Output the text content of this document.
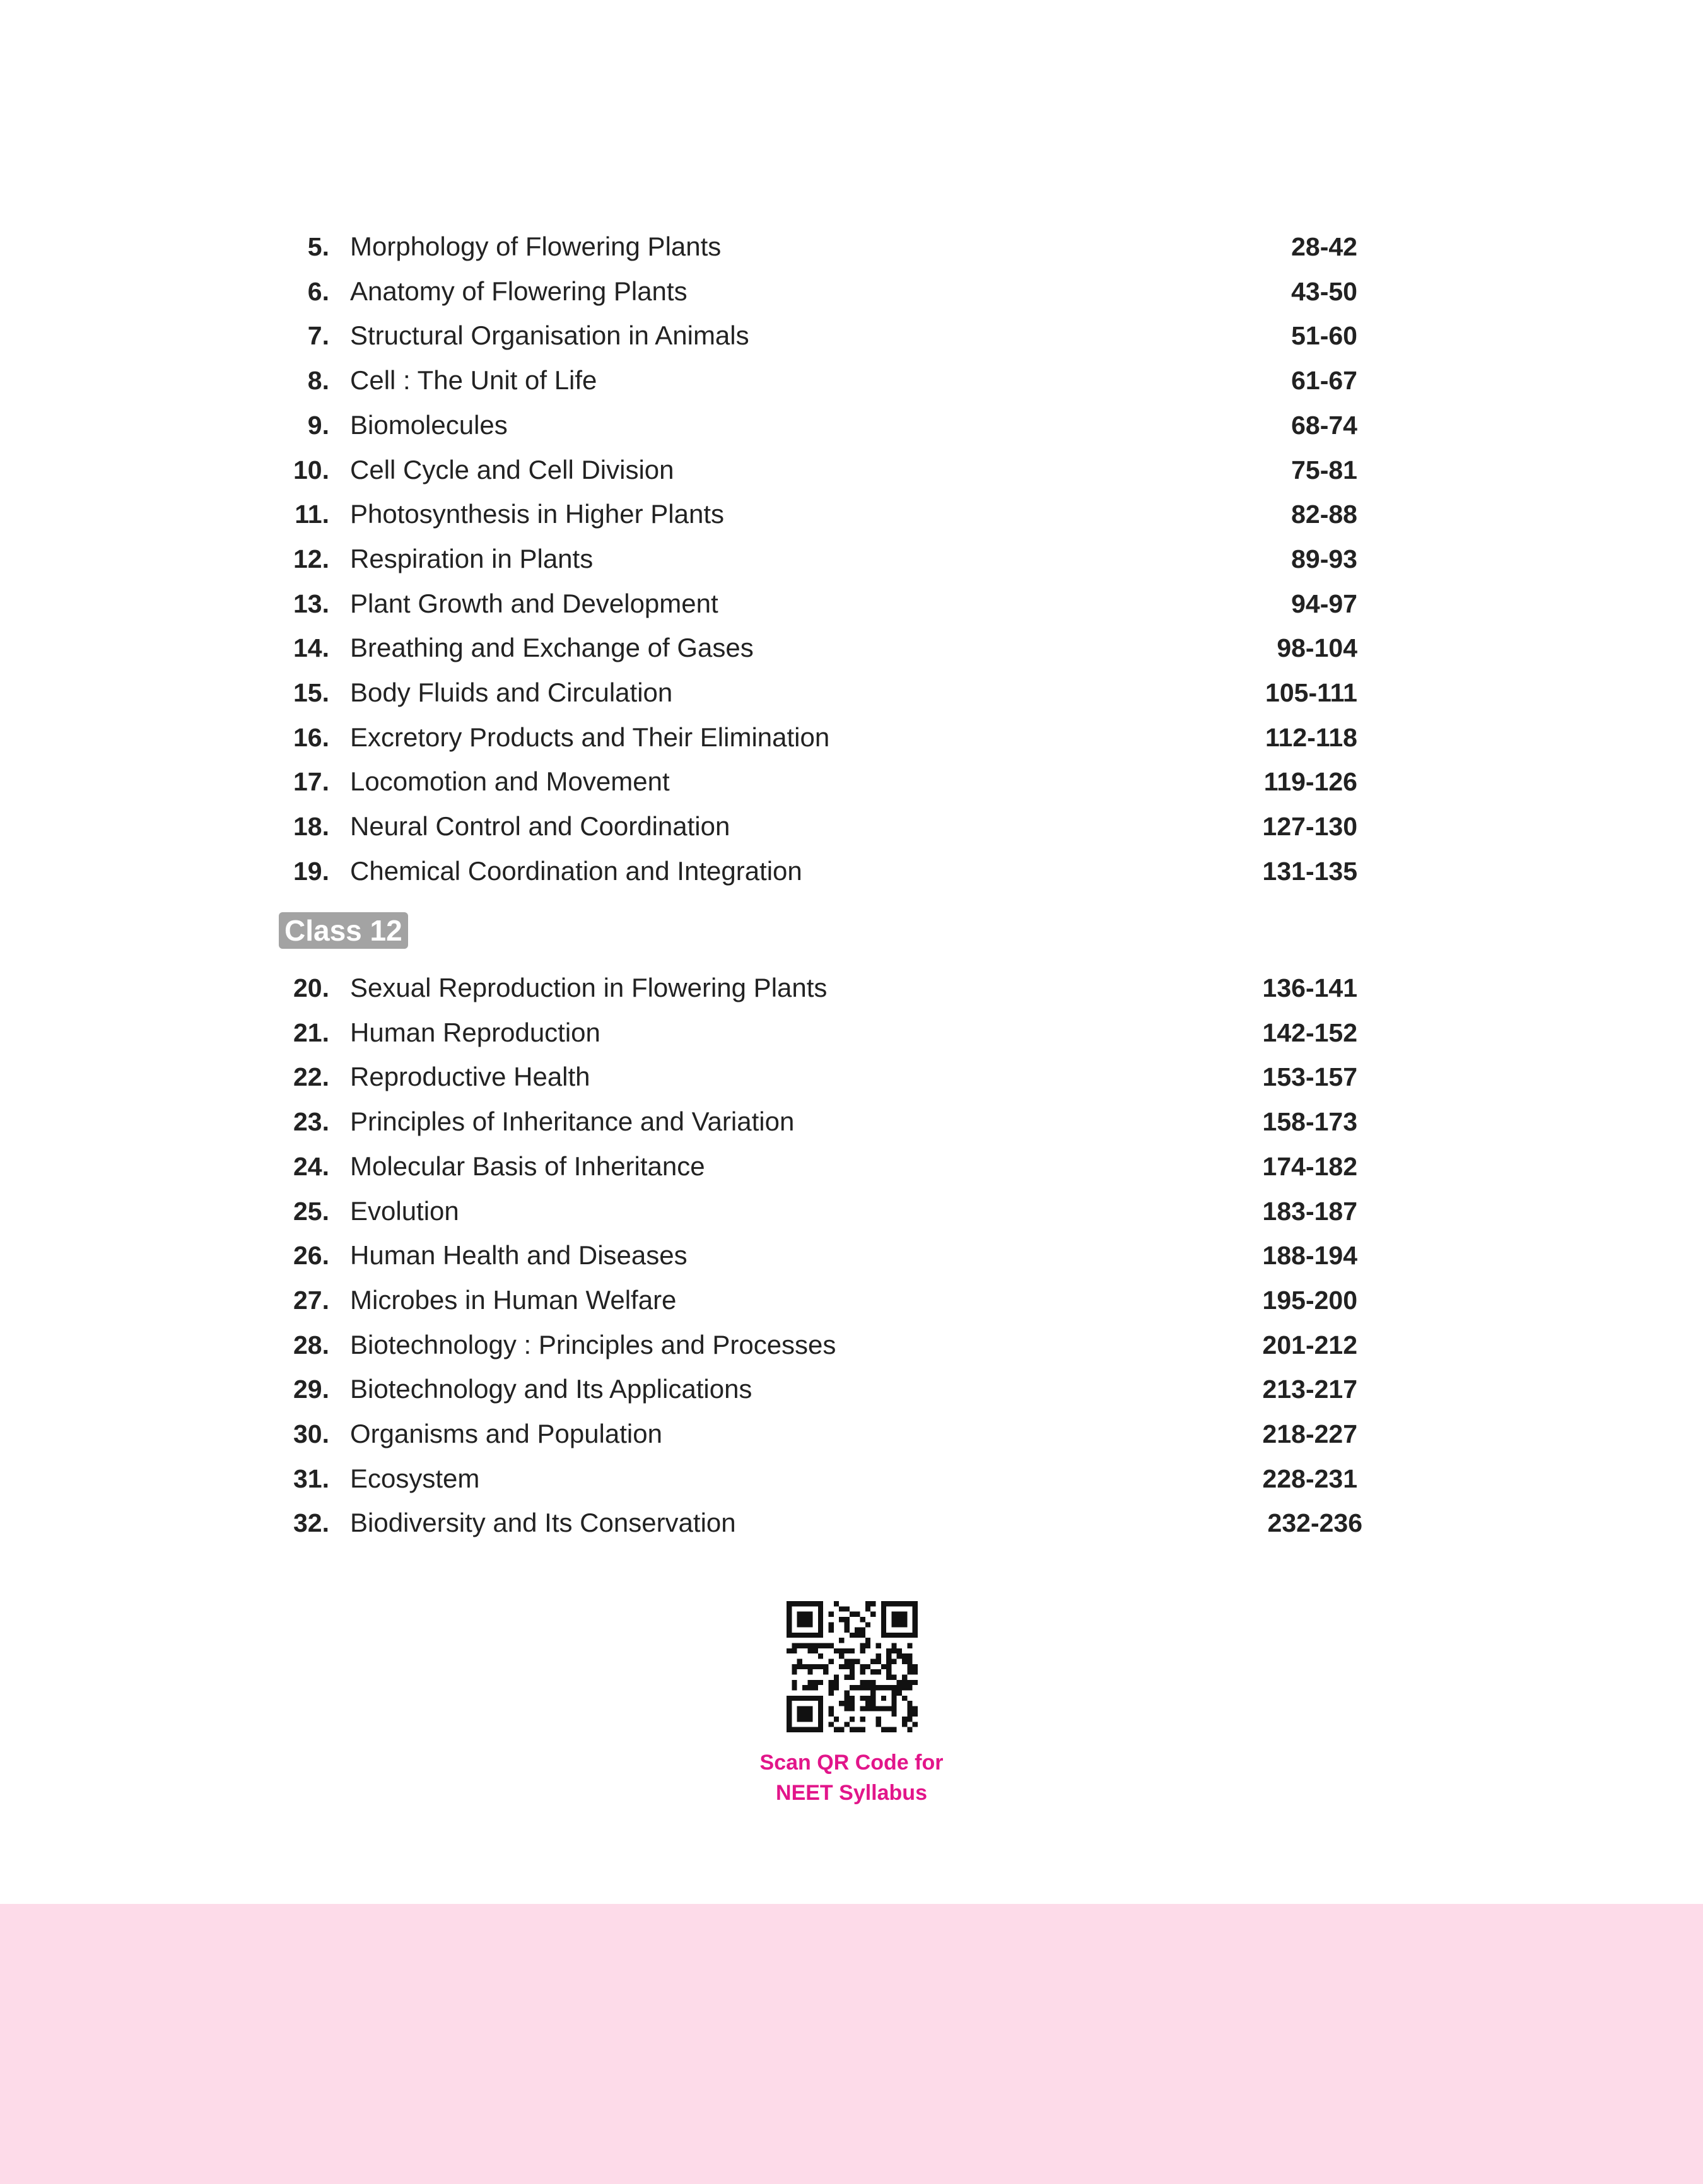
5. Morphology of Flowering Plants	28-42
6. Anatomy of Flowering Plants	43-50
7. Structural Organisation in Animals	51-60
8. Cell : The Unit of Life	61-67
9. Biomolecules	68-74
10. Cell Cycle and Cell Division	75-81
11. Photosynthesis in Higher Plants	82-88
12. Respiration in Plants	89-93
13. Plant Growth and Development	94-97
14. Breathing and Exchange of Gases	98-104
15. Body Fluids and Circulation	105-111
16. Excretory Products and Their Elimination	112-118
17. Locomotion and Movement	119-126
18. Neural Control and Coordination	127-130
19. Chemical Coordination and Integration	131-135
Class 12
20. Sexual Reproduction in Flowering Plants	136-141
21. Human Reproduction	142-152
22. Reproductive Health	153-157
23. Principles of Inheritance and Variation	158-173
24. Molecular Basis of Inheritance	174-182
25. Evolution	183-187
26. Human Health and Diseases	188-194
27. Microbes in Human Welfare	195-200
28. Biotechnology : Principles and Processes	201-212
29. Biotechnology and Its Applications	213-217
30. Organisms and Population	218-227
31. Ecosystem	228-231
32. Biodiversity and Its Conservation	232-236
Scan QR Code for
NEET Syllabus
